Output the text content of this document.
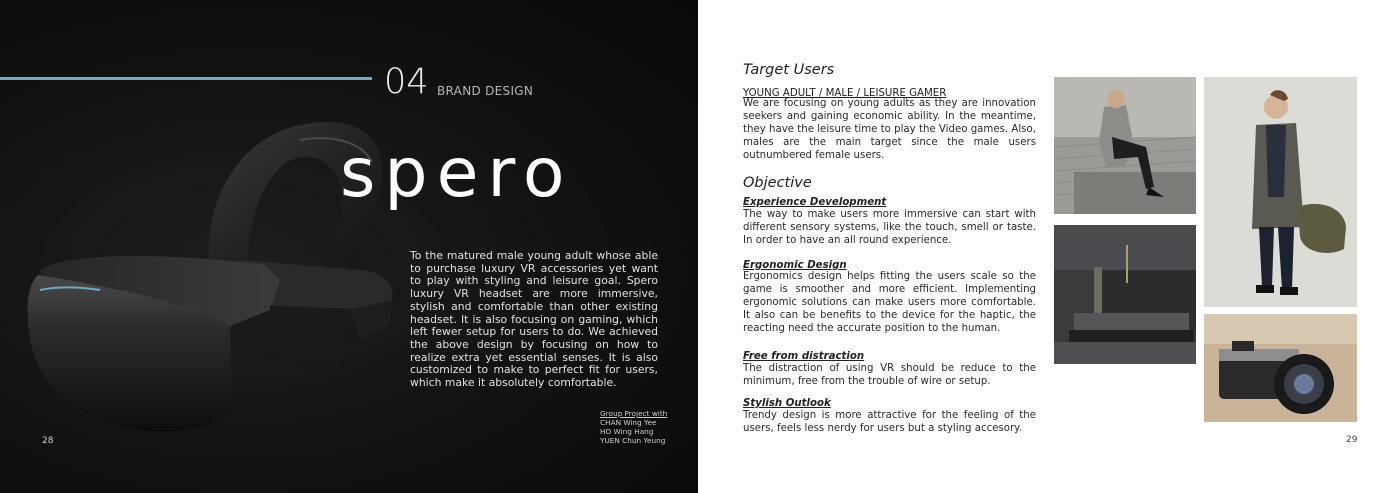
04 BRAND DESIGN
spero

To the matured male young adult whose able to purchase luxury VR accessories yet want to play with styling and leisure goal. Spero luxury VR headset are more immersive, stylish and comfortable than other existing headset. It is also focusing on gaming, which left fewer setup for users to do. We achieved the above design by focusing on how to realize extra yet essential senses. It is also customized to make to perfect fit for users, which make it absolutely comfortable.

Group Project with
CHAN Wing Yee
HO Wing Hang
YUEN Chun Yeung
28
Target Users
YOUNG ADULT / MALE / LEISURE GAMER

We are focusing on young adults as they are innovation seekers and gaining economic ability. In the meantime, they have the leisure time to play the Video games. Also, males are the main target since the male users outnumbered female users.

Objective
Experience Development

The way to make users more immersive can start with different sensory systems, like the touch, smell or taste. In order to have an all round experience.

Ergonomic Design

Ergonomics design helps fitting the users scale so the game is smoother and more efficient. Implementing ergonomic solutions can make users more comfortable. It also can be benefits to the device for the haptic, the reacting need the accurate position to the human.

Free from distraction

The distraction of using VR should be reduce to the minimum, free from the trouble of wire or setup.

Stylish Outlook

Trendy design is more attractive for the feeling of the users, feels less nerdy for users but a styling accesory.

29
